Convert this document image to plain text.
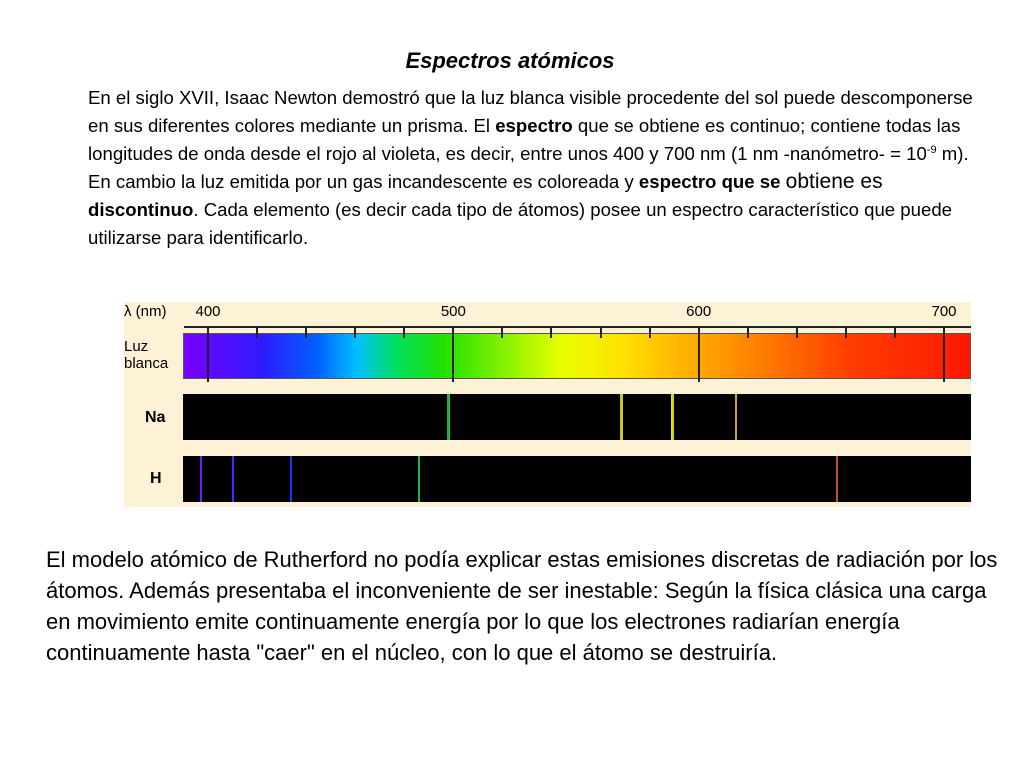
Espectros atómicos

En el siglo XVII, Isaac Newton demostró que la luz blanca visible procedente del sol puede descomponerse en sus diferentes colores mediante un prisma. El espectro que se obtiene es continuo; contiene todas las longitudes de onda desde el rojo al violeta, es decir, entre unos 400 y 700 nm (1 nm -nanómetro- = $10^{-9}$ m).

En cambio la luz emitida por un gas incandescente es coloreada y espectro que se obtiene es discontinuo. Cada elemento (es decir cada tipo de átomos) posee un espectro característico que puede utilizarse para identificarlo.

λ (nm)
Luz
blanca
Na
H
400	500	600	700
El modelo atómico de Rutherford no podía explicar estas emisiones discretas de radiación por los átomos. Además presentaba el inconveniente de ser inestable: Según la física clásica una carga en movimiento emite continuamente energía por lo que los electrones radiarían energía continuamente hasta "caer" en el núcleo, con lo que el átomo se destruiría.
